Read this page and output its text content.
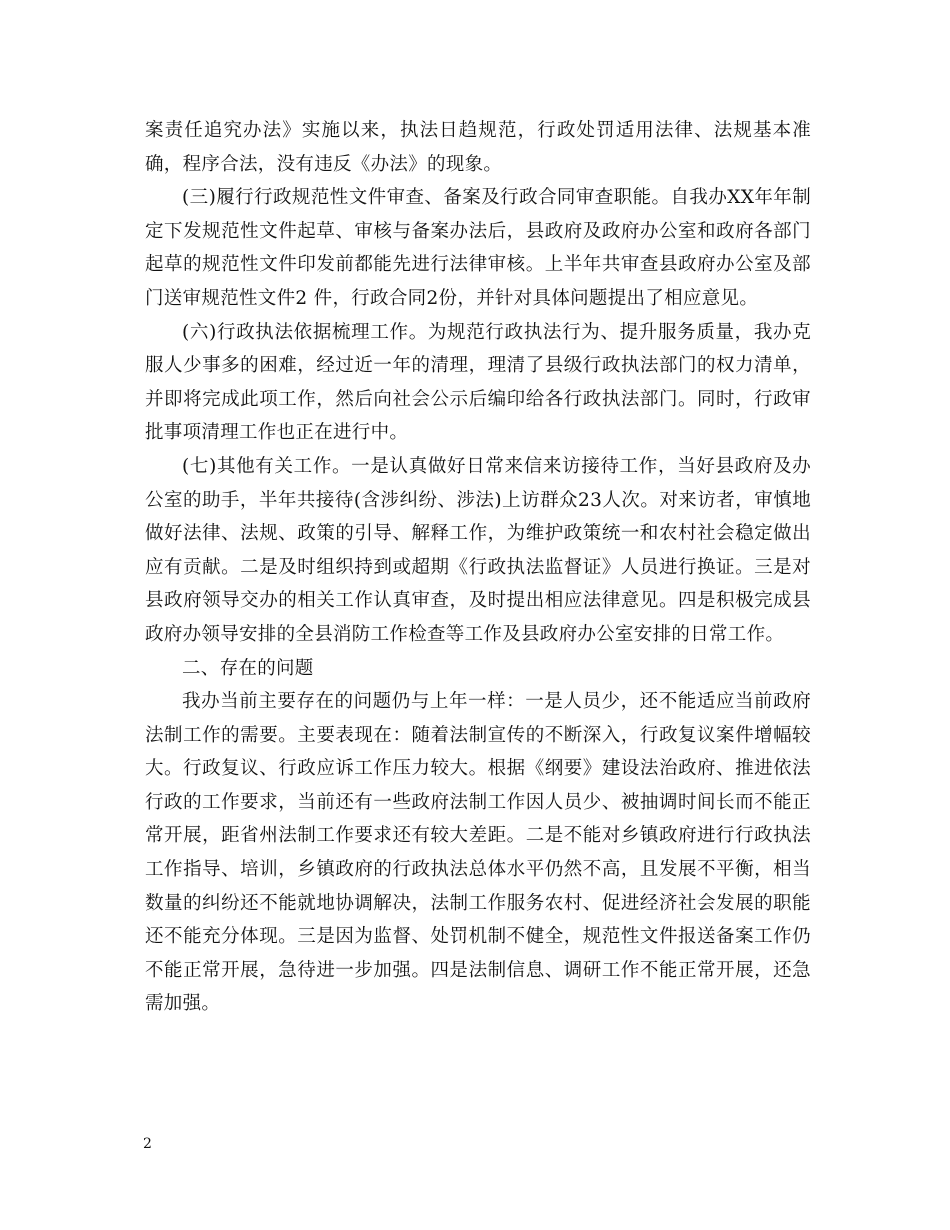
案责任追究办法》实施以来，执法日趋规范，行政处罚适用法律、法规基本准确，程序合法，没有违反《办法》的现象。

(三)履行行政规范性文件审查、备案及行政合同审查职能。自我办XX年年制定下发规范性文件起草、审核与备案办法后，县政府及政府办公室和政府各部门起草的规范性文件印发前都能先进行法律审核。上半年共审查县政府办公室及部门送审规范性文件2 件，行政合同2份，并针对具体问题提出了相应意见。

(六)行政执法依据梳理工作。为规范行政执法行为、提升服务质量，我办克服人少事多的困难，经过近一年的清理，理清了县级行政执法部门的权力清单，并即将完成此项工作，然后向社会公示后编印给各行政执法部门。同时，行政审批事项清理工作也正在进行中。

(七)其他有关工作。一是认真做好日常来信来访接待工作，当好县政府及办公室的助手，半年共接待(含涉纠纷、涉法)上访群众23人次。对来访者，审慎地做好法律、法规、政策的引导、解释工作，为维护政策统一和农村社会稳定做出应有贡献。二是及时组织持到或超期《行政执法监督证》人员进行换证。三是对县政府领导交办的相关工作认真审查，及时提出相应法律意见。四是积极完成县政府办领导安排的全县消防工作检查等工作及县政府办公室安排的日常工作。

二、存在的问题

我办当前主要存在的问题仍与上年一样：一是人员少，还不能适应当前政府法制工作的需要。主要表现在：随着法制宣传的不断深入，行政复议案件增幅较大。行政复议、行政应诉工作压力较大。根据《纲要》建设法治政府、推进依法行政的工作要求，当前还有一些政府法制工作因人员少、被抽调时间长而不能正常开展，距省州法制工作要求还有较大差距。二是不能对乡镇政府进行行政执法工作指导、培训，乡镇政府的行政执法总体水平仍然不高，且发展不平衡，相当数量的纠纷还不能就地协调解决，法制工作服务农村、促进经济社会发展的职能还不能充分体现。三是因为监督、处罚机制不健全，规范性文件报送备案工作仍不能正常开展，急待进一步加强。四是法制信息、调研工作不能正常开展，还急需加强。

2
